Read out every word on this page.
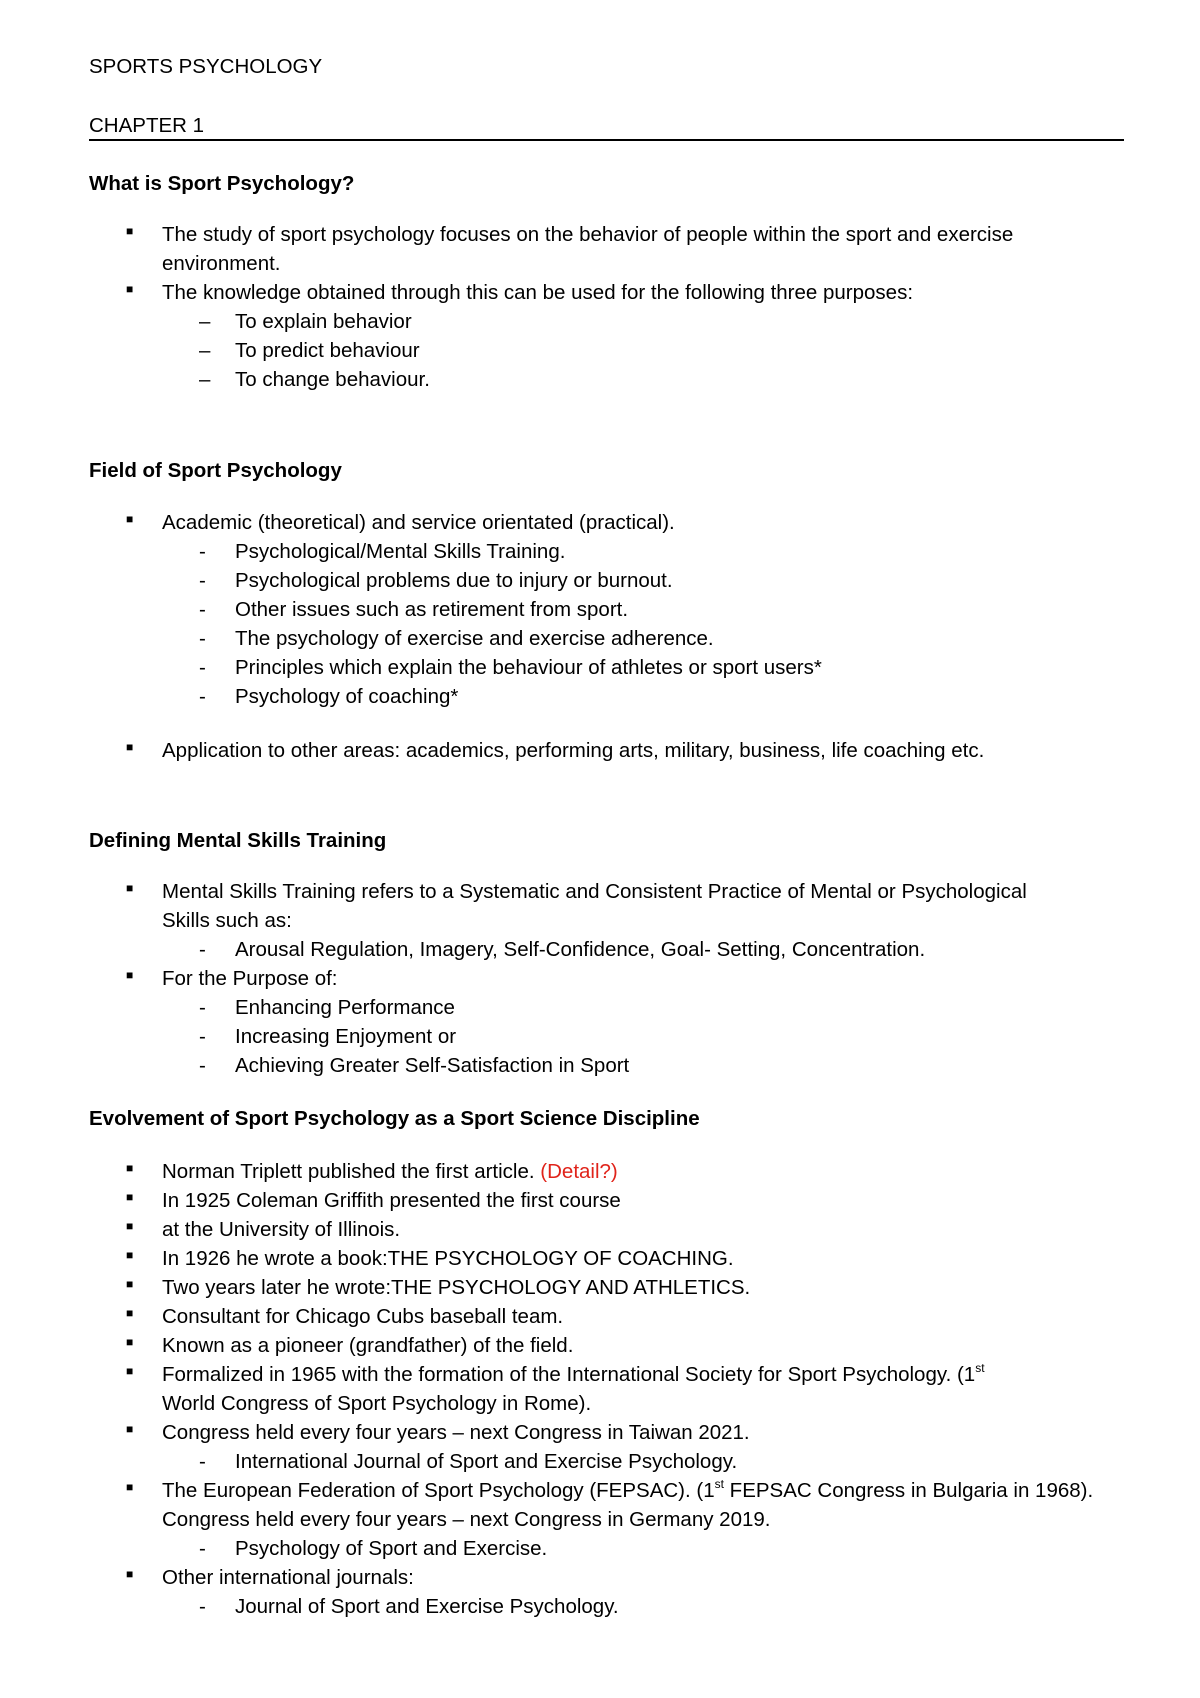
SPORTS PSYCHOLOGY
CHAPTER 1
What is Sport Psychology?
■ The study of sport psychology focuses on the behavior of people within the sport and exercise
environment.
■ The knowledge obtained through this can be used for the following three purposes:
– To explain behavior
– To predict behaviour
– To change behaviour.
Field of Sport Psychology
■ Academic (theoretical) and service orientated (practical).
- Psychological/Mental Skills Training.
- Psychological problems due to injury or burnout.
- Other issues such as retirement from sport.
- The psychology of exercise and exercise adherence.
- Principles which explain the behaviour of athletes or sport users*
- Psychology of coaching*
■ Application to other areas: academics, performing arts, military, business, life coaching etc.
Defining Mental Skills Training
■ Mental Skills Training refers to a Systematic and Consistent Practice of Mental or Psychological
Skills such as:
- Arousal Regulation, Imagery, Self-Confidence, Goal- Setting, Concentration.
■ For the Purpose of:
- Enhancing Performance
- Increasing Enjoyment or
- Achieving Greater Self-Satisfaction in Sport
Evolvement of Sport Psychology as a Sport Science Discipline
■ Norman Triplett published the first article. (Detail?)
■ In 1925 Coleman Griffith presented the first course
■ at the University of Illinois.
■ In 1926 he wrote a book:THE PSYCHOLOGY OF COACHING.
■ Two years later he wrote:THE PSYCHOLOGY AND ATHLETICS.
■ Consultant for Chicago Cubs baseball team.
■ Known as a pioneer (grandfather) of the field.
■ Formalized in 1965 with the formation of the International Society for Sport Psychology. (1st
World Congress of Sport Psychology in Rome).
■ Congress held every four years – next Congress in Taiwan 2021.
- International Journal of Sport and Exercise Psychology.
■ The European Federation of Sport Psychology (FEPSAC). (1st FEPSAC Congress in Bulgaria in 1968).
Congress held every four years – next Congress in Germany 2019.
- Psychology of Sport and Exercise.
■ Other international journals:
- Journal of Sport and Exercise Psychology.
